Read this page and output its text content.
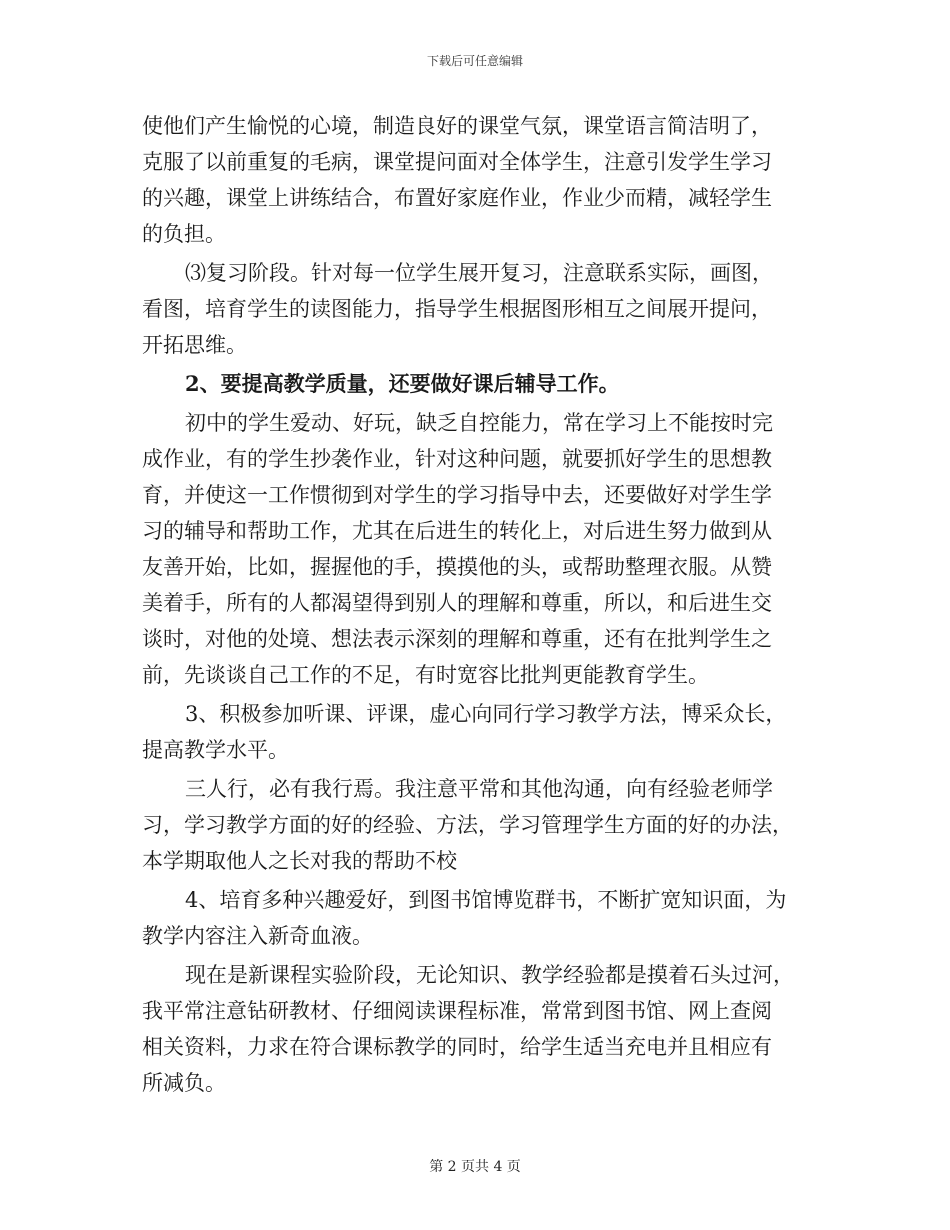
下载后可任意编辑
使他们产生愉悦的心境，制造良好的课堂气氛，课堂语言简洁明了，
克服了以前重复的毛病，课堂提问面对全体学生，注意引发学生学习
的兴趣，课堂上讲练结合，布置好家庭作业，作业少而精，减轻学生
的负担。
⑶复习阶段。针对每一位学生展开复习，注意联系实际，画图，
看图，培育学生的读图能力，指导学生根据图形相互之间展开提问，
开拓思维。
2、要提高教学质量，还要做好课后辅导工作。
初中的学生爱动、好玩，缺乏自控能力，常在学习上不能按时完
成作业，有的学生抄袭作业，针对这种问题，就要抓好学生的思想教
育，并使这一工作惯彻到对学生的学习指导中去，还要做好对学生学
习的辅导和帮助工作，尤其在后进生的转化上，对后进生努力做到从
友善开始，比如，握握他的手，摸摸他的头，或帮助整理衣服。从赞
美着手，所有的人都渴望得到别人的理解和尊重，所以，和后进生交
谈时，对他的处境、想法表示深刻的理解和尊重，还有在批判学生之
前，先谈谈自己工作的不足，有时宽容比批判更能教育学生。
3、积极参加听课、评课，虚心向同行学习教学方法，博采众长，
提高教学水平。
三人行，必有我行焉。我注意平常和其他沟通，向有经验老师学
习，学习教学方面的好的经验、方法，学习管理学生方面的好的办法，
本学期取他人之长对我的帮助不校
4、培育多种兴趣爱好，到图书馆博览群书，不断扩宽知识面，为
教学内容注入新奇血液。
现在是新课程实验阶段，无论知识、教学经验都是摸着石头过河，
我平常注意钻研教材、仔细阅读课程标准，常常到图书馆、网上查阅
相关资料，力求在符合课标教学的同时，给学生适当充电并且相应有
所减负。
第 2 页共 4 页
